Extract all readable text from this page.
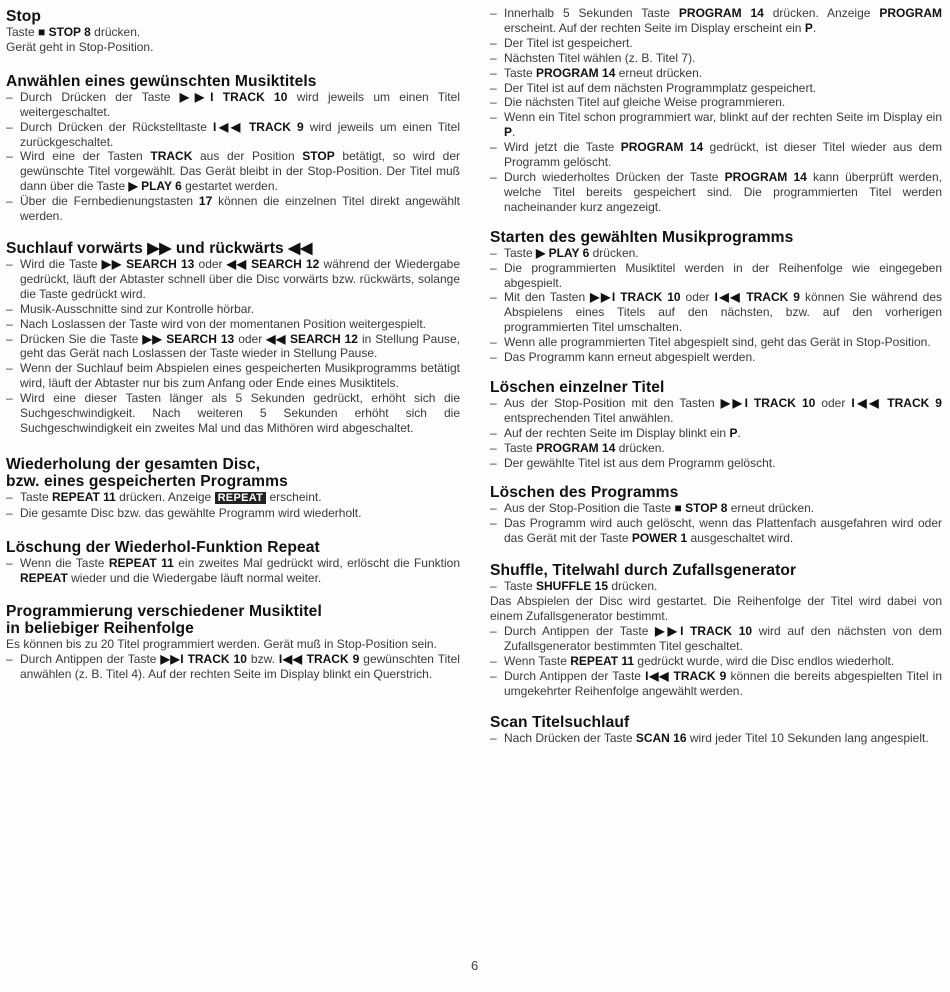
Stop

Taste ■ STOP 8 drücken.

Gerät geht in Stop-Position.

Anwählen eines gewünschten Musiktitels
– Durch Drücken der Taste ▶▶I TRACK 10 wird jeweils um einen Titel weitergeschaltet.
– Durch Drücken der Rückstelltaste I◀◀ TRACK 9 wird jeweils um einen Titel zurückgeschaltet.
– Wird eine der Tasten TRACK aus der Position STOP betätigt, so wird der gewünschte Titel vorgewählt. Das Gerät bleibt in der Stop-Position. Der Titel muß dann über die Taste ▶ PLAY 6 gestartet werden.
– Über die Fernbedienungstasten 17 können die einzelnen Titel direkt angewählt werden.
Suchlauf vorwärts ▶▶ und rückwärts ◀◀
– Wird die Taste ▶▶ SEARCH 13 oder ◀◀ SEARCH 12 während der Wiedergabe gedrückt, läuft der Abtaster schnell über die Disc vorwärts bzw. rückwärts, solange die Taste gedrückt wird.
– Musik-Ausschnitte sind zur Kontrolle hörbar.
– Nach Loslassen der Taste wird von der momentanen Position weitergespielt.
– Drücken Sie die Taste ▶▶ SEARCH 13 oder ◀◀ SEARCH 12 in Stellung Pause, geht das Gerät nach Loslassen der Taste wieder in Stellung Pause.
– Wenn der Suchlauf beim Abspielen eines gespeicherten Musikprogramms betätigt wird, läuft der Abtaster nur bis zum Anfang oder Ende eines Musiktitels.
– Wird eine dieser Tasten länger als 5 Sekunden gedrückt, erhöht sich die Suchgeschwindigkeit. Nach weiteren 5 Sekunden erhöht sich die Suchgeschwindigkeit ein zweites Mal und das Mithören wird abgeschaltet.
Wiederholung der gesamten Disc,
bzw. eines gespeicherten Programms
– Taste REPEAT 11 drücken. Anzeige REPEAT erscheint.
– Die gesamte Disc bzw. das gewählte Programm wird wiederholt.
Löschung der Wiederhol-Funktion Repeat
– Wenn die Taste REPEAT 11 ein zweites Mal gedrückt wird, erlöscht die Funktion REPEAT wieder und die Wiedergabe läuft normal weiter.
Programmierung verschiedener Musiktitel
in beliebiger Reihenfolge

Es können bis zu 20 Titel programmiert werden. Gerät muß in Stop-Position sein.

– Durch Antippen der Taste ▶▶I TRACK 10 bzw. I◀◀ TRACK 9 gewünschten Titel anwählen (z. B. Titel 4). Auf der rechten Seite im Display blinkt ein Querstrich.
– Innerhalb 5 Sekunden Taste PROGRAM 14 drücken. Anzeige PROGRAM erscheint. Auf der rechten Seite im Display erscheint ein P.
– Der Titel ist gespeichert.
– Nächsten Titel wählen (z. B. Titel 7).
– Taste PROGRAM 14 erneut drücken.
– Der Titel ist auf dem nächsten Programmplatz gespeichert.
– Die nächsten Titel auf gleiche Weise programmieren.
– Wenn ein Titel schon programmiert war, blinkt auf der rechten Seite im Display ein P.
– Wird jetzt die Taste PROGRAM 14 gedrückt, ist dieser Titel wieder aus dem Programm gelöscht.
– Durch wiederholtes Drücken der Taste PROGRAM 14 kann überprüft werden, welche Titel bereits gespeichert sind. Die programmierten Titel werden nacheinander kurz angezeigt.
Starten des gewählten Musikprogramms
– Taste ▶ PLAY 6 drücken.
– Die programmierten Musiktitel werden in der Reihenfolge wie eingegeben abgespielt.
– Mit den Tasten ▶▶I TRACK 10 oder I◀◀ TRACK 9 können Sie während des Abspielens eines Titels auf den nächsten, bzw. auf den vorherigen programmierten Titel umschalten.
– Wenn alle programmierten Titel abgespielt sind, geht das Gerät in Stop-Position.
– Das Programm kann erneut abgespielt werden.
Löschen einzelner Titel
– Aus der Stop-Position mit den Tasten ▶▶I TRACK 10 oder I◀◀ TRACK 9 entsprechenden Titel anwählen.
– Auf der rechten Seite im Display blinkt ein P.
– Taste PROGRAM 14 drücken.
– Der gewählte Titel ist aus dem Programm gelöscht.
Löschen des Programms
– Aus der Stop-Position die Taste ■ STOP 8 erneut drücken.
– Das Programm wird auch gelöscht, wenn das Plattenfach ausgefahren wird oder das Gerät mit der Taste POWER 1 ausgeschaltet wird.
Shuffle, Titelwahl durch Zufallsgenerator
– Taste SHUFFLE 15 drücken.
Das Abspielen der Disc wird gestartet. Die Reihenfolge der Titel wird dabei von einem Zufallsgenerator bestimmt.
– Durch Antippen der Taste ▶▶I TRACK 10 wird auf den nächsten von dem Zufallsgenerator bestimmten Titel geschaltet.
– Wenn Taste REPEAT 11 gedrückt wurde, wird die Disc endlos wiederholt.
– Durch Antippen der Taste I◀◀ TRACK 9 können die bereits abgespielten Titel in umgekehrter Reihenfolge angewählt werden.
Scan Titelsuchlauf
– Nach Drücken der Taste SCAN 16 wird jeder Titel 10 Sekunden lang angespielt.
6
